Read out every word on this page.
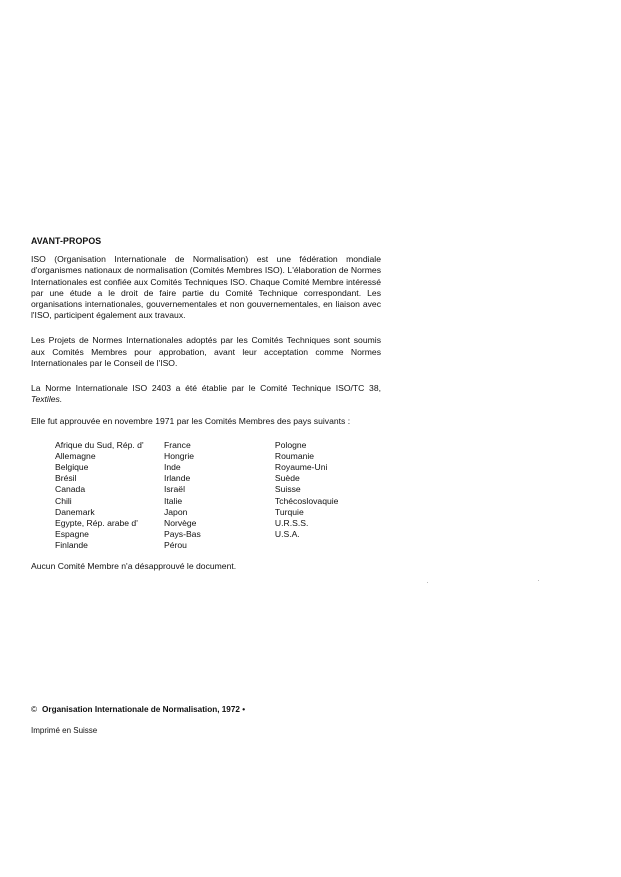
AVANT-PROPOS

ISO (Organisation Internationale de Normalisation) est une fédération mondiale d'organismes nationaux de normalisation (Comités Membres ISO). L'élaboration de Normes Internationales est confiée aux Comités Techniques ISO. Chaque Comité Membre intéressé par une étude a le droit de faire partie du Comité Technique correspondant. Les organisations internationales, gouvernementales et non gouvernementales, en liaison avec l'ISO, participent également aux travaux.

Les Projets de Normes Internationales adoptés par les Comités Techniques sont soumis aux Comités Membres pour approbation, avant leur acceptation comme Normes Internationales par le Conseil de l'ISO.

La Norme Internationale ISO 2403 a été établie par le Comité Technique ISO/TC 38, Textiles.

Elle fut approuvée en novembre 1971 par les Comités Membres des pays suivants :

Afrique du Sud, Rép. d'
Allemagne
Belgique
Brésil
Canada
Chili
Danemark
Egypte, Rép. arabe d'
Espagne
Finlande
France
Hongrie
Inde
Irlande
Israël
Italie
Japon
Norvège
Pays-Bas
Pérou
Pologne
Roumanie
Royaume-Uni
Suède
Suisse
Tchécoslovaquie
Turquie
U.R.S.S.
U.S.A.

Aucun Comité Membre n'a désapprouvé le document.

© Organisation Internationale de Normalisation, 1972 •
Imprimé en Suisse
